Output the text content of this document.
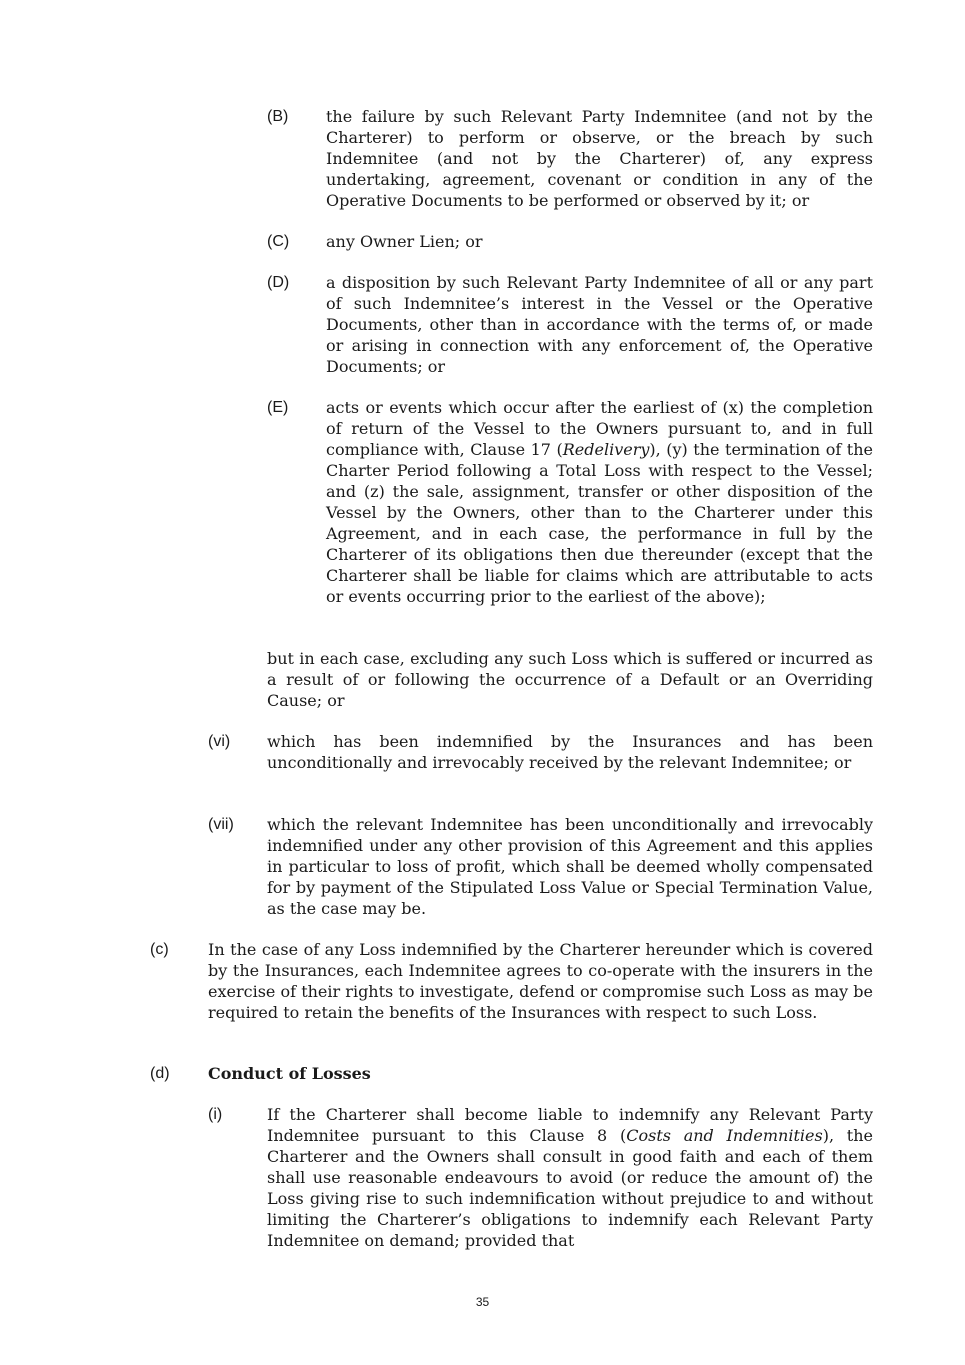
(B) the failure by such Relevant Party Indemnitee (and not by the Charterer) to perform or observe, or the breach by such Indemnitee (and not by the Charterer) of, any express undertaking, agreement, covenant or condition in any of the Operative Documents to be performed or observed by it; or

(C) any Owner Lien; or

(D) a disposition by such Relevant Party Indemnitee of all or any part of such Indemnitee’s interest in the Vessel or the Operative Documents, other than in accordance with the terms of, or made or arising in connection with any enforcement of, the Operative Documents; or

(E) acts or events which occur after the earliest of (x) the completion of return of the Vessel to the Owners pursuant to, and in full compliance with, Clause 17 (Redelivery), (y) the termination of the Charter Period following a Total Loss with respect to the Vessel; and (z) the sale, assignment, transfer or other disposition of the Vessel by the Owners, other than to the Charterer under this Agreement, and in each case, the performance in full by the Charterer of its obligations then due thereunder (except that the Charterer shall be liable for claims which are attributable to acts or events occurring prior to the earliest of the above);

but in each case, excluding any such Loss which is suffered or incurred as a result of or following the occurrence of a Default or an Overriding Cause; or

(vi) which has been indemnified by the Insurances and has been unconditionally and irrevocably received by the relevant Indemnitee; or

(vii) which the relevant Indemnitee has been unconditionally and irrevocably indemnified under any other provision of this Agreement and this applies in particular to loss of profit, which shall be deemed wholly compensated for by payment of the Stipulated Loss Value or Special Termination Value, as the case may be.

(c) In the case of any Loss indemnified by the Charterer hereunder which is covered by the Insurances, each Indemnitee agrees to co-operate with the insurers in the exercise of their rights to investigate, defend or compromise such Loss as may be required to retain the benefits of the Insurances with respect to such Loss.

(d) Conduct of Losses

(i)	If the Charterer shall become liable to indemnify any Relevant Party Indemnitee pursuant to this Clause 8 (Costs and Indemnities), the Charterer and the Owners shall consult in good faith and each of them shall use reasonable endeavours to avoid (or reduce the amount of) the Loss giving rise to such indemnification without prejudice to and without limiting the Charterer’s obligations to indemnify each Relevant Party Indemnitee on demand; provided that

35
